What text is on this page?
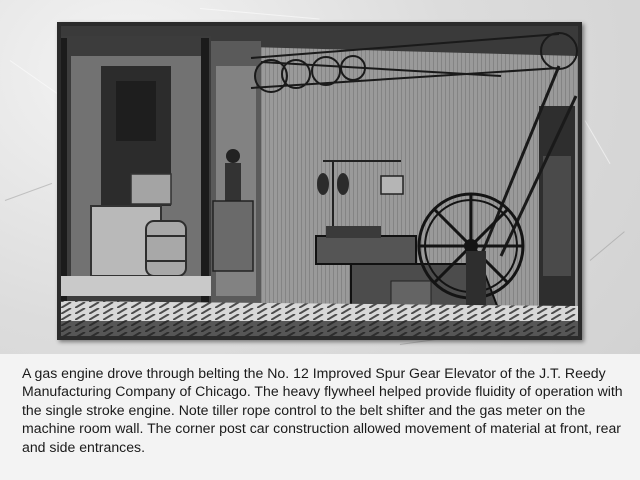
A gas engine drove through belting the No. 12 Improved Spur Gear Elevator of the J.T. Reedy Manufacturing Company of Chicago. The heavy flywheel helped provide fluidity of operation with the single stroke engine. Note tiller rope control to the belt shifter and the gas meter on the machine room wall. The corner post car construction allowed movement of material at front, rear and side entrances.
